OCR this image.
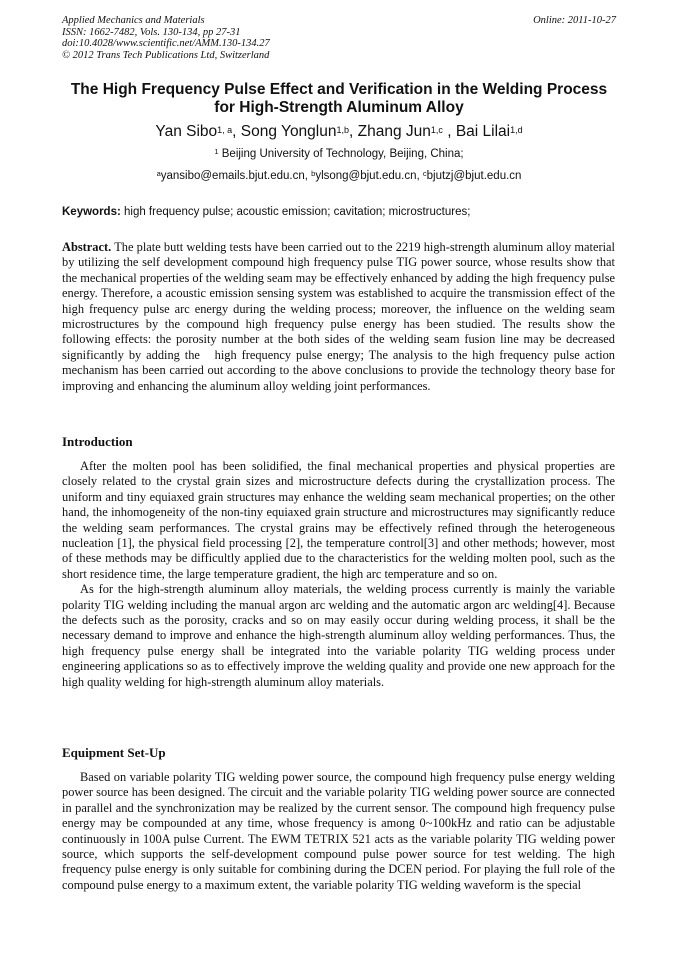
Applied Mechanics and Materials
ISSN: 1662-7482, Vols. 130-134, pp 27-31
doi:10.4028/www.scientific.net/AMM.130-134.27
© 2012 Trans Tech Publications Ltd, Switzerland
Online: 2011-10-27
The High Frequency Pulse Effect and Verification in the Welding Process
for High-Strength Aluminum Alloy
Yan Sibo$^{1, a}$, Song Yonglun$^{1,b}$, Zhang Jun$^{1,c}$ , Bai Lilai$^{1,d}$
$^1$ Beijing University of Technology, Beijing, China;
$^a$yansibo@emails.bjut.edu.cn, $^b$ylsong@bjut.edu.cn, $^c$bjutzj@bjut.edu.cn
Keywords: high frequency pulse; acoustic emission; cavitation; microstructures;

Abstract. The plate butt welding tests have been carried out to the 2219 high-strength aluminum alloy material by utilizing the self development compound high frequency pulse TIG power source, whose results show that the mechanical properties of the welding seam may be effectively enhanced by adding the high frequency pulse energy. Therefore, a acoustic emission sensing system was established to acquire the transmission effect of the high frequency pulse arc energy during the welding process; moreover, the influence on the welding seam microstructures by the compound high frequency pulse energy has been studied. The results show the following effects: the porosity number at the both sides of the welding seam fusion line may be decreased significantly by adding the   high frequency pulse energy; The analysis to the high frequency pulse action mechanism has been carried out according to the above conclusions to provide the technology theory base for improving and enhancing the aluminum alloy welding joint performances.

Introduction

After the molten pool has been solidified, the final mechanical properties and physical properties are closely related to the crystal grain sizes and microstructure defects during the crystallization process. The uniform and tiny equiaxed grain structures may enhance the welding seam mechanical properties; on the other hand, the inhomogeneity of the non-tiny equiaxed grain structure and microstructures may significantly reduce the welding seam performances. The crystal grains may be effectively refined through the heterogeneous nucleation [1], the physical field processing [2], the temperature control[3] and other methods; however, most of these methods may be difficultly applied due to the characteristics for the welding molten pool, such as the short residence time, the large temperature gradient, the high arc temperature and so on.

As for the high-strength aluminum alloy materials, the welding process currently is mainly the variable polarity TIG welding including the manual argon arc welding and the automatic argon arc welding[4]. Because the defects such as the porosity, cracks and so on may easily occur during welding process, it shall be the necessary demand to improve and enhance the high-strength aluminum alloy welding performances. Thus, the high frequency pulse energy shall be integrated into the variable polarity TIG welding process under engineering applications so as to effectively improve the welding quality and provide one new approach for the high quality welding for high-strength aluminum alloy materials.

Equipment Set-Up

Based on variable polarity TIG welding power source, the compound high frequency pulse energy welding power source has been designed. The circuit and the variable polarity TIG welding power source are connected in parallel and the synchronization may be realized by the current sensor. The compound high frequency pulse energy may be compounded at any time, whose frequency is among 0~100kHz and ratio can be adjustable continuously in 100A pulse Current. The EWM TETRIX 521 acts as the variable polarity TIG welding power source, which supports the self-development compound pulse power source for test welding. The high frequency pulse energy is only suitable for combining during the DCEN period. For playing the full role of the compound pulse energy to a maximum extent, the variable polarity TIG welding waveform is the special
